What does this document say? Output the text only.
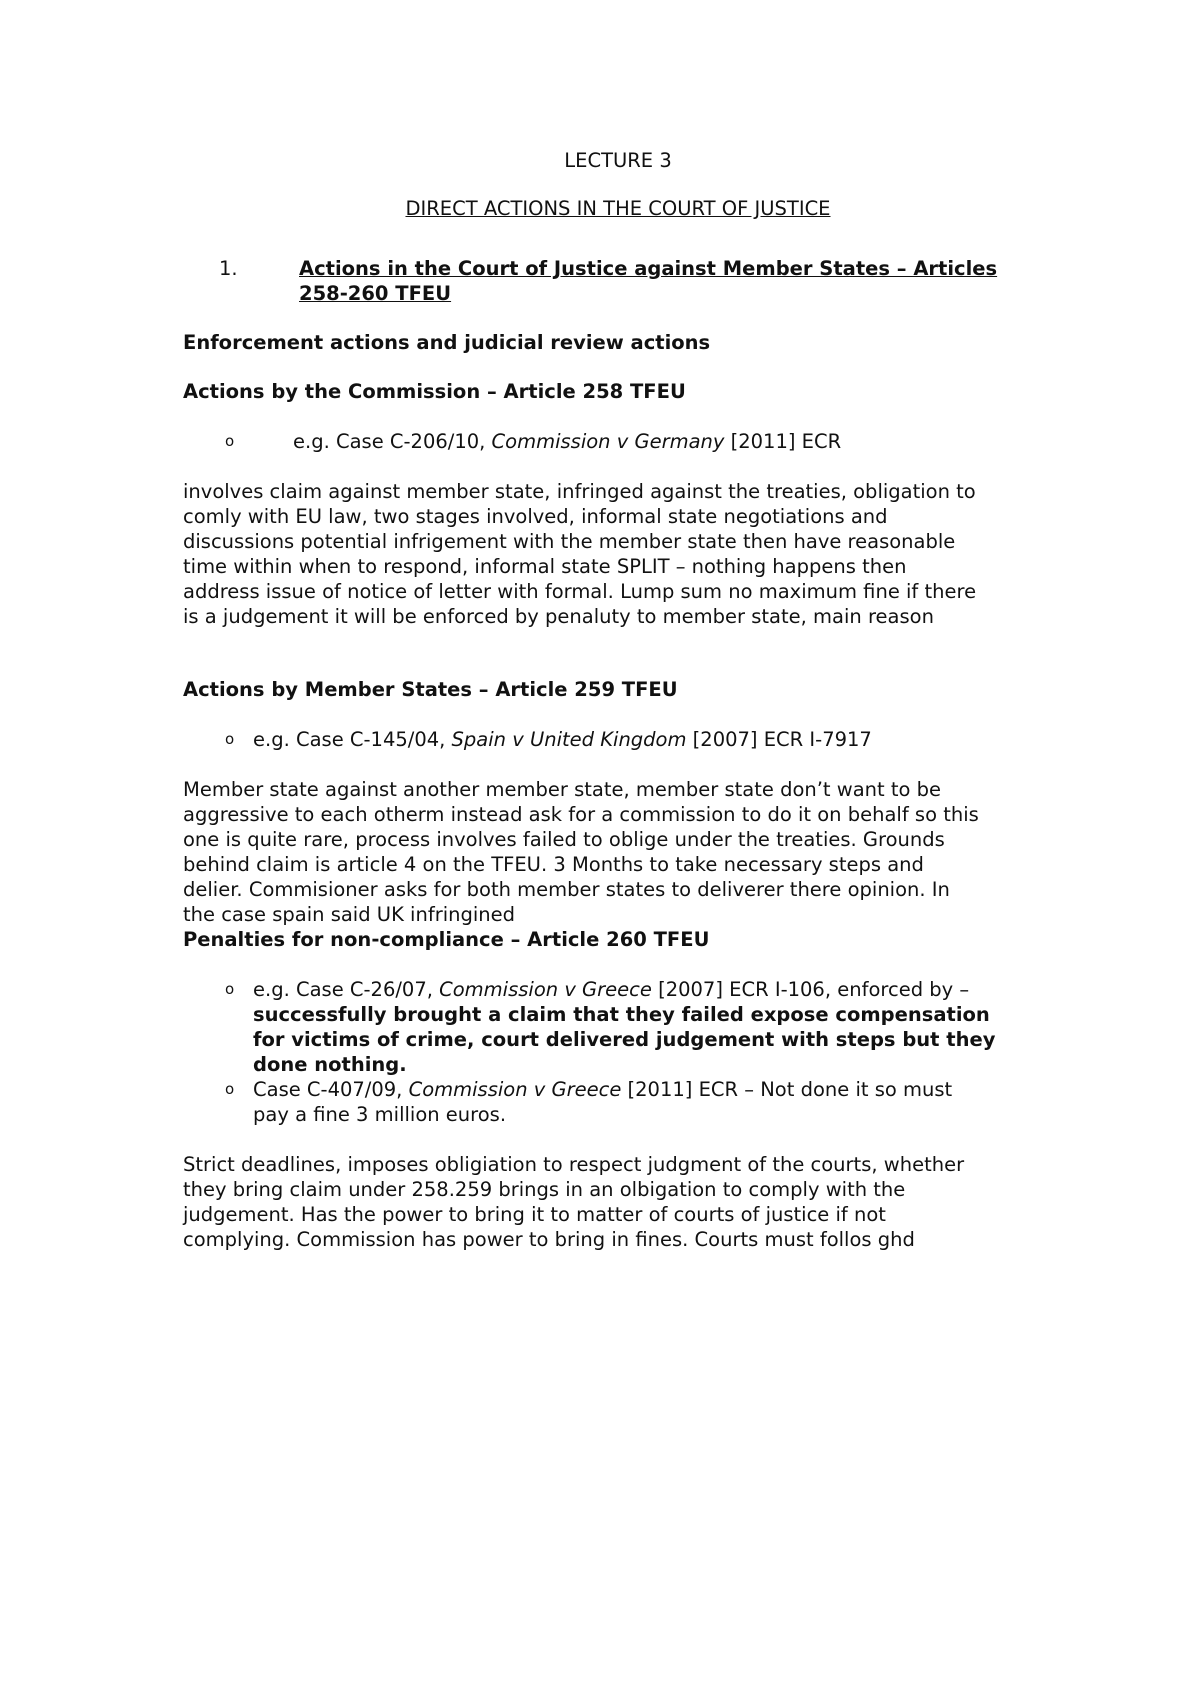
LECTURE 3
DIRECT ACTIONS IN THE COURT OF JUSTICE
1.	Actions in the Court of Justice against Member States – Articles
258-260 TFEU
Enforcement actions and judicial review actions
Actions by the Commission – Article 258 TFEU
o	e.g. Case C-206/10, Commission v Germany [2011] ECR
involves claim against member state, infringed against the treaties, obligation to
comly with EU law, two stages involved, informal state negotiations and
discussions potential infrigement with the member state then have reasonable
time within when to respond, informal state SPLIT – nothing happens then
address issue of notice of letter with formal. Lump sum no maximum fine if there
is a judgement it will be enforced by penaluty to member state, main reason
Actions by Member States – Article 259 TFEU
o e.g. Case C-145/04, Spain v United Kingdom [2007] ECR I-7917
Member state against another member state, member state don’t want to be
aggressive to each otherm instead ask for a commission to do it on behalf so this
one is quite rare, process involves failed to oblige under the treaties. Grounds
behind claim is article 4 on the TFEU. 3 Months to take necessary steps and
delier. Commisioner asks for both member states to deliverer there opinion. In
the case spain said UK infringined
Penalties for non-compliance – Article 260 TFEU
o e.g. Case C-26/07, Commission v Greece [2007] ECR I-106, enforced by –
successfully brought a claim that they failed expose compensation
for victims of crime, court delivered judgement with steps but they
done nothing.
o Case C-407/09, Commission v Greece [2011] ECR – Not done it so must
pay a fine 3 million euros.
Strict deadlines, imposes obligiation to respect judgment of the courts, whether
they bring claim under 258.259 brings in an olbigation to comply with the
judgement. Has the power to bring it to matter of courts of justice if not
complying. Commission has power to bring in fines. Courts must follos ghd
